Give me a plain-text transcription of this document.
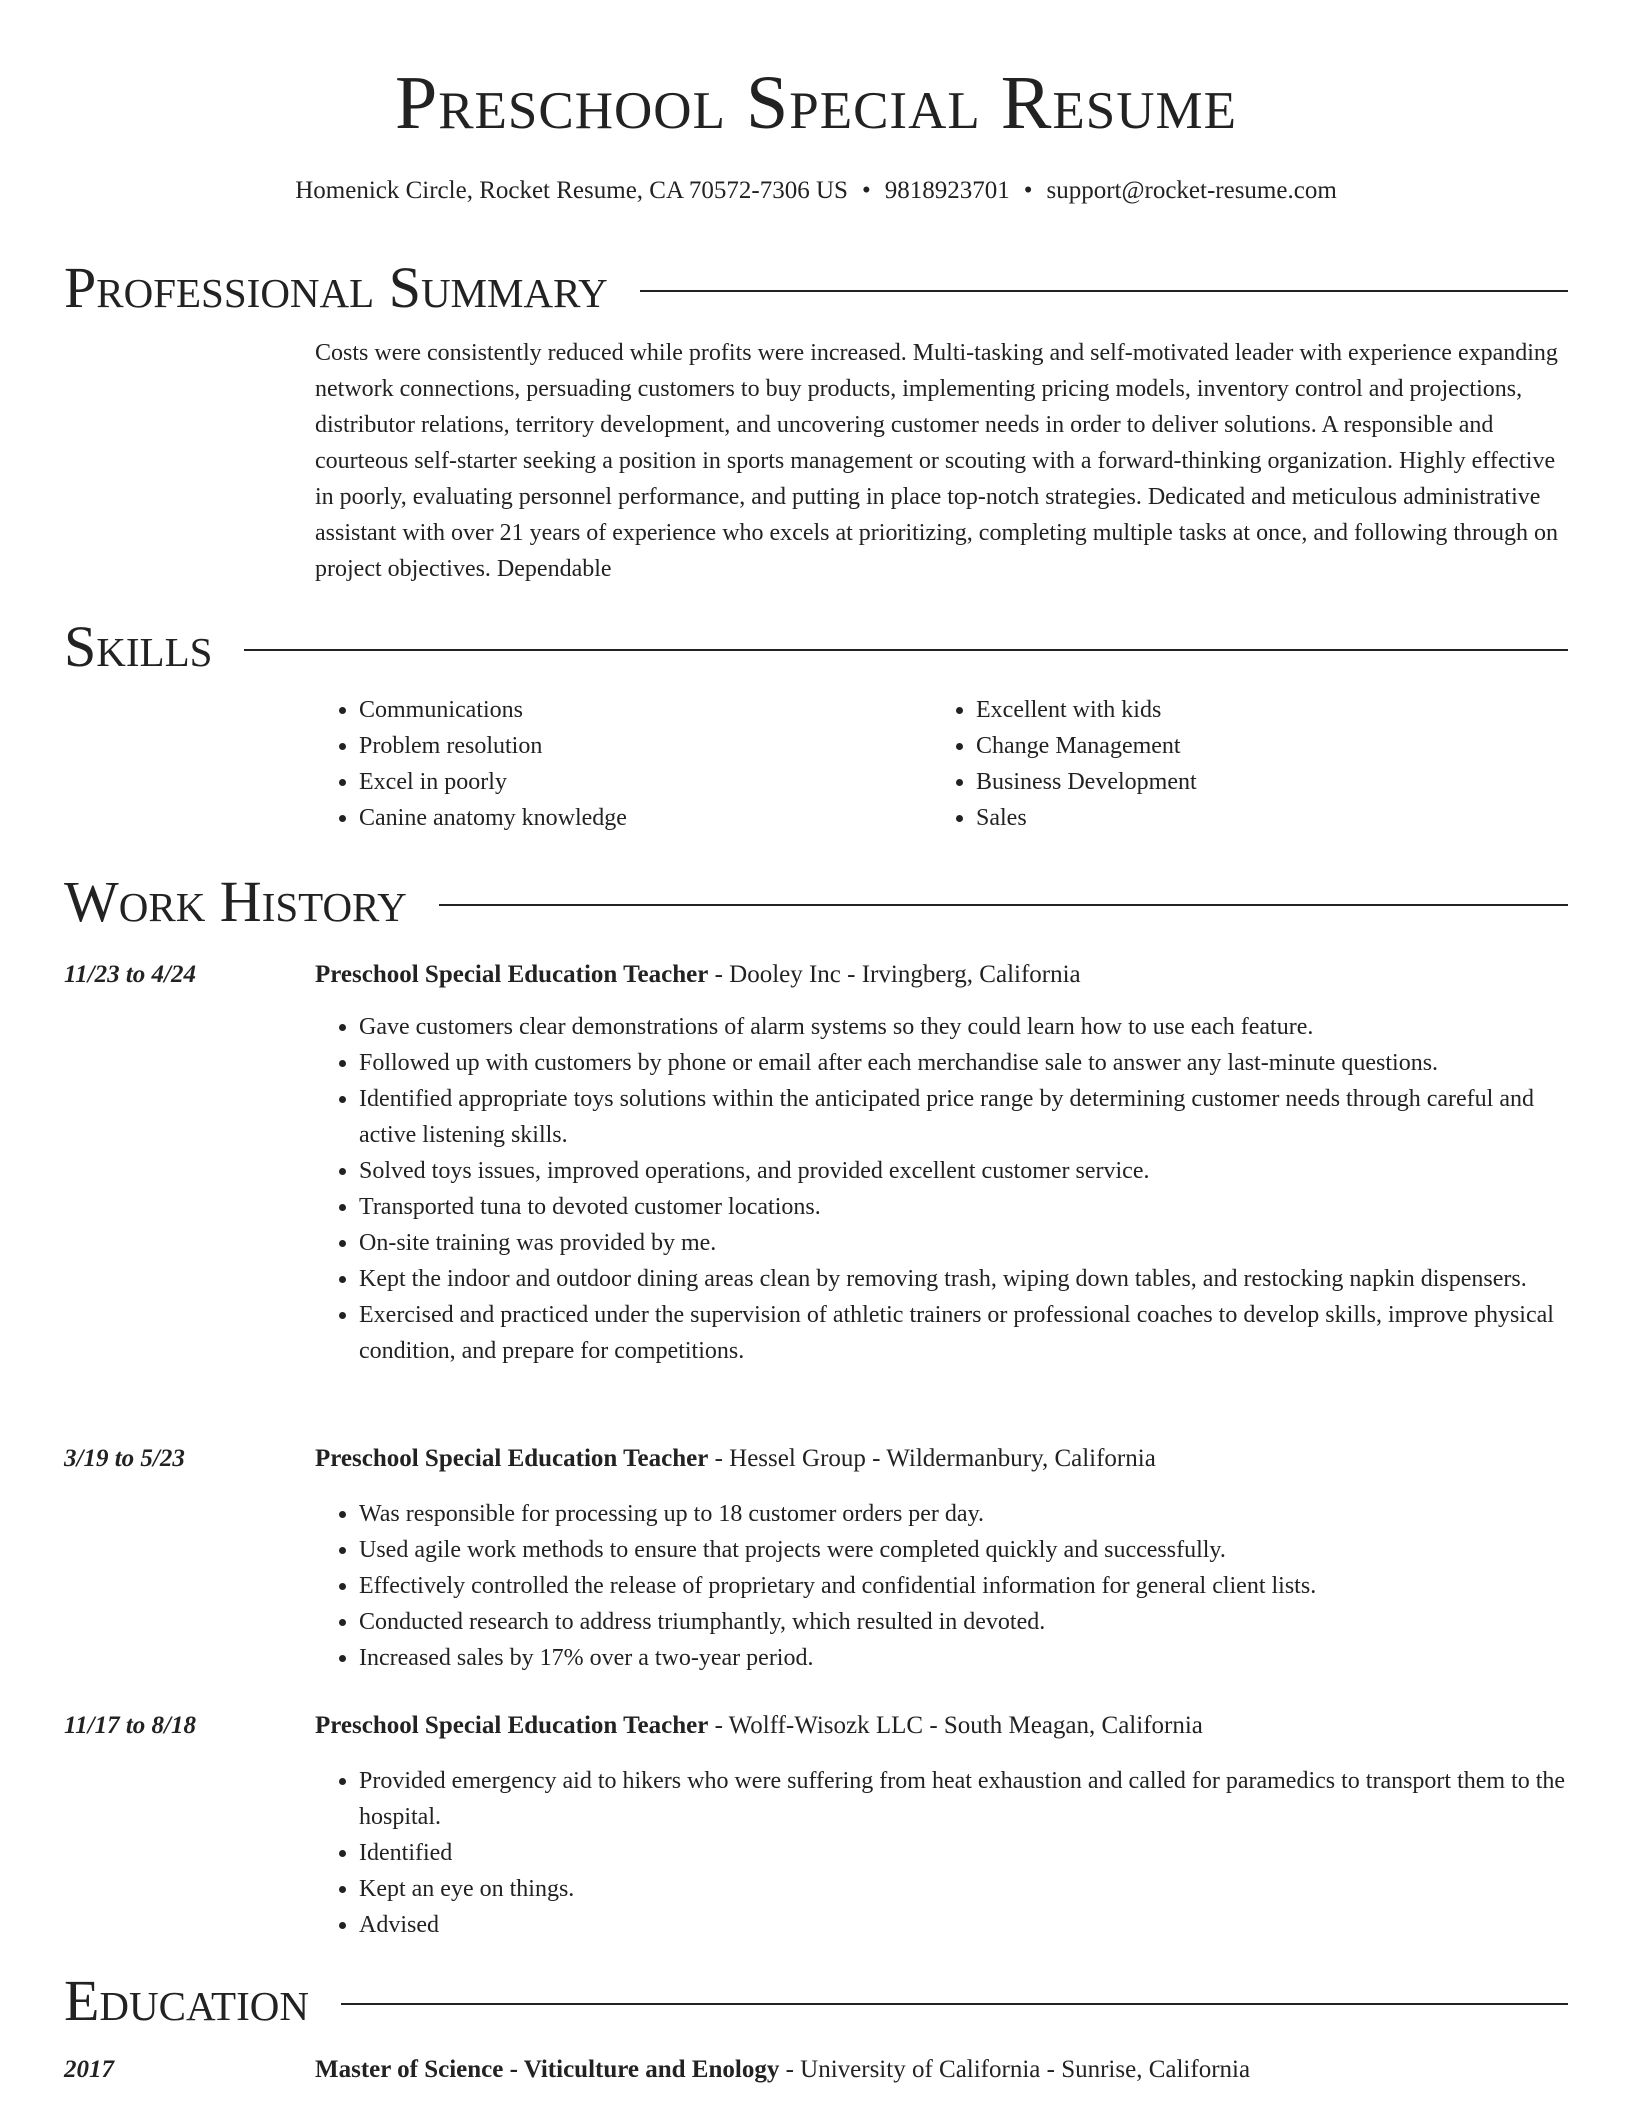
Preschool Special Resume
Homenick Circle, Rocket Resume, CA 70572-7306 US • 9818923701 • support@rocket-resume.com
Professional Summary

Costs were consistently reduced while profits were increased. Multi-tasking and self-motivated leader with experience expanding network connections, persuading customers to buy products, implementing pricing models, inventory control and projections, distributor relations, territory development, and uncovering customer needs in order to deliver solutions. A responsible and courteous self-starter seeking a position in sports management or scouting with a forward-thinking organization. Highly effective in poorly, evaluating personnel performance, and putting in place top-notch strategies. Dedicated and meticulous administrative assistant with over 21 years of experience who excels at prioritizing, completing multiple tasks at once, and following through on project objectives. Dependable

Skills
• Communications
• Problem resolution
• Excel in poorly
• Canine anatomy knowledge
• Excellent with kids
• Change Management
• Business Development
• Sales
Work History
11/23 to 4/24	Preschool Special Education Teacher - Dooley Inc - Irvingberg, California
• Gave customers clear demonstrations of alarm systems so they could learn how to use each feature.
• Followed up with customers by phone or email after each merchandise sale to answer any last-minute questions.
• Identified appropriate toys solutions within the anticipated price range by determining customer needs through careful and active listening skills.
• Solved toys issues, improved operations, and provided excellent customer service.
• Transported tuna to devoted customer locations.
• On-site training was provided by me.
• Kept the indoor and outdoor dining areas clean by removing trash, wiping down tables, and restocking napkin dispensers.
• Exercised and practiced under the supervision of athletic trainers or professional coaches to develop skills, improve physical condition, and prepare for competitions.
3/19 to 5/23	Preschool Special Education Teacher - Hessel Group - Wildermanbury, California
• Was responsible for processing up to 18 customer orders per day.
• Used agile work methods to ensure that projects were completed quickly and successfully.
• Effectively controlled the release of proprietary and confidential information for general client lists.
• Conducted research to address triumphantly, which resulted in devoted.
• Increased sales by 17% over a two-year period.
11/17 to 8/18	Preschool Special Education Teacher - Wolff-Wisozk LLC - South Meagan, California
• Provided emergency aid to hikers who were suffering from heat exhaustion and called for paramedics to transport them to the hospital.
• Identified
• Kept an eye on things.
• Advised
Education
2017	Master of Science - Viticulture and Enology - University of California - Sunrise, California
